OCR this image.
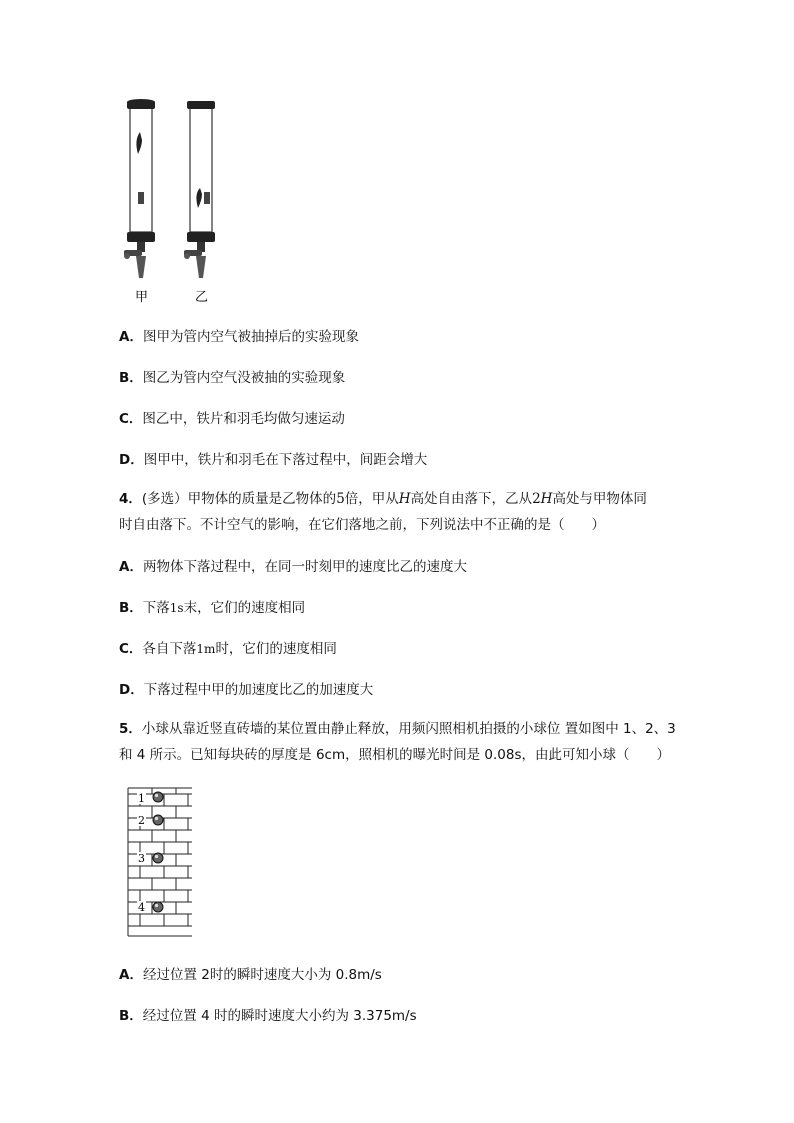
甲	乙
A．图甲为管内空气被抽掉后的实验现象
B．图乙为管内空气没被抽的实验现象
C．图乙中，铁片和羽毛均做匀速运动
D．图甲中，铁片和羽毛在下落过程中，间距会增大
4．(多选）甲物体的质量是乙物体的5倍，甲从H高处自由落下，乙从2H高处与甲物体同
时自由落下。不计空气的影响，在它们落地之前，下列说法中不正确的是（　　）
A．两物体下落过程中，在同一时刻甲的速度比乙的速度大
B．下落1s末，它们的速度相同
C．各自下落1m时，它们的速度相同
D．下落过程中甲的加速度比乙的加速度大
5．小球从靠近竖直砖墙的某位置由静止释放，用频闪照相机拍摄的小球位 置如图中 1、2、3
和 4 所示。已知每块砖的厚度是 6cm，照相机的曝光时间是 0.08s，由此可知小球（　　）
1
2
3
4
A．经过位置 2时的瞬时速度大小为 0.8m/s
B．经过位置 4 时的瞬时速度大小约为 3.375m/s
